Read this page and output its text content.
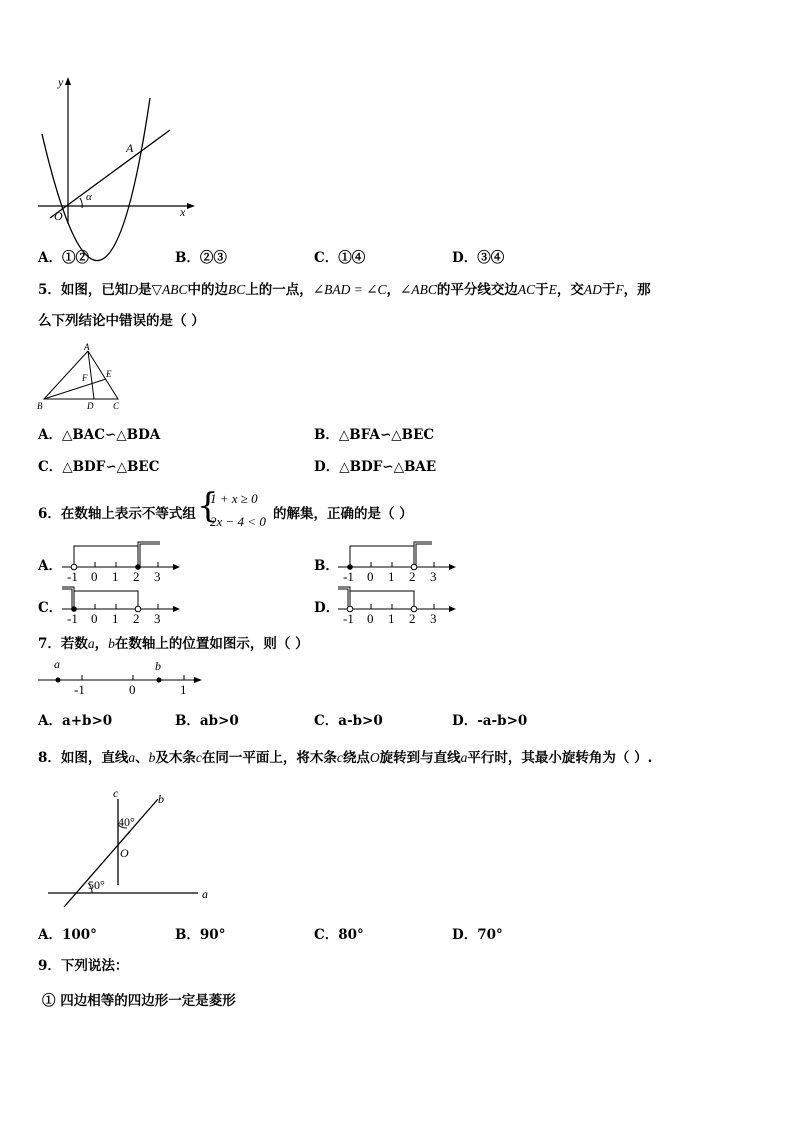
y
x
O
A
α
A．①②	B．②③	C．①④	D．③④
5．如图，已知D是▽ABC中的边BC上的一点，∠BAD = ∠C，∠ABC的平分线交边AC于E，交AD于F，那
么下列结论中错误的是（ ）
A
B	C
D
E
F
A．△BAC∽△BDA	B．△BFA∽△BEC
C．△BDF∽△BEC	D．△BDF∽△BAE
6．在数轴上表示不等式组 {
1 + x ≥ 0
2x − 4 < 0 的解集，正确的是（ ）
A．	B．
C．	D．
-1 0 1 2 3	-1 0 1 2 3
-1 0 1 2 3	-1 0 1 2 3
7．若数a，b在数轴上的位置如图示，则（ ）
a	b
-1	0	1
A．a+b>0	B．ab>0	C．a-b>0	D．-a-b>0
8．如图，直线a、b及木条c在同一平面上，将木条c绕点O旋转到与直线a平行时，其最小旋转角为（ ）.
c	b
a
O
40°
50°
A．100°	B．90°	C．80°	D．70°
9．下列说法：
① 四边相等的四边形一定是菱形
